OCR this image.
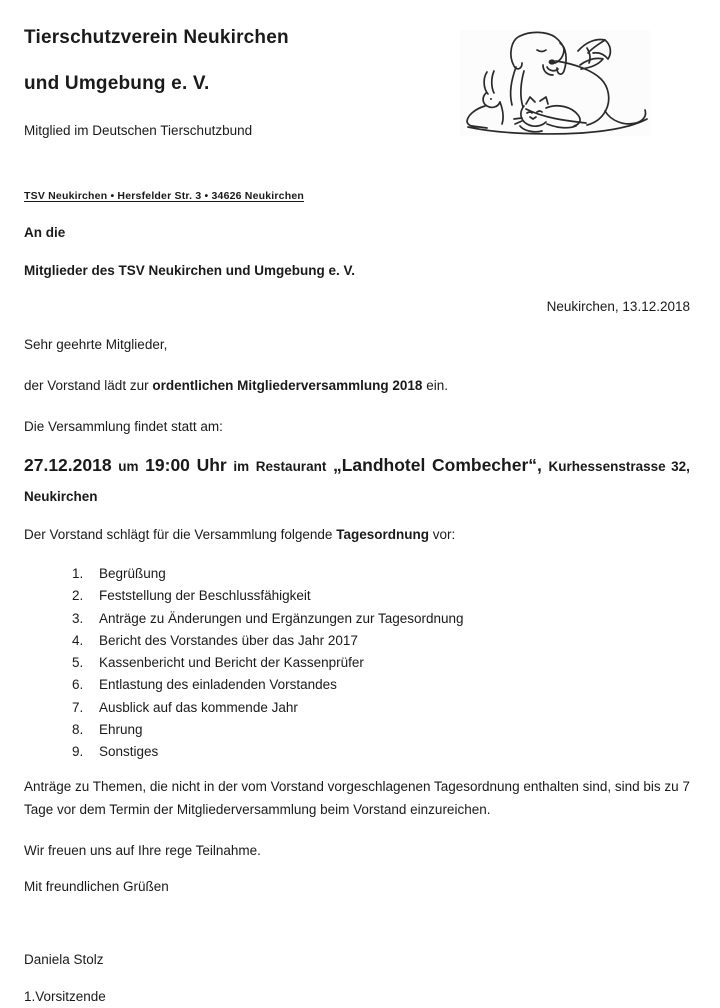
Tierschutzverein Neukirchen
und Umgebung e. V.
Mitglied im Deutschen Tierschutzbund
TSV Neukirchen • Hersfelder Str. 3 • 34626 Neukirchen
An die
Mitglieder des TSV Neukirchen und Umgebung e. V.
Neukirchen, 13.12.2018
Sehr geehrte Mitglieder,

der Vorstand lädt zur ordentlichen Mitgliederversammlung 2018 ein.

Die Versammlung findet statt am:
27.12.2018 um 19:00 Uhr im Restaurant „Landhotel Combecher“, Kurhessenstrasse 32,
Neukirchen

Der Vorstand schlägt für die Versammlung folgende Tagesordnung vor:

1.	Begrüßung
2.	Feststellung der Beschlussfähigkeit
3.	Anträge zu Änderungen und Ergänzungen zur Tagesordnung
4.	Bericht des Vorstandes über das Jahr 2017
5.	Kassenbericht und Bericht der Kassenprüfer
6.	Entlastung des einladenden Vorstandes
7.	Ausblick auf das kommende Jahr
8.	Ehrung
9.	Sonstiges

Anträge zu Themen, die nicht in der vom Vorstand vorgeschlagenen Tagesordnung enthalten sind, sind bis zu 7 Tage vor dem Termin der Mitgliederversammlung beim Vorstand einzureichen.

Wir freuen uns auf Ihre rege Teilnahme.
Mit freundlichen Grüßen
Daniela Stolz
1.Vorsitzende
